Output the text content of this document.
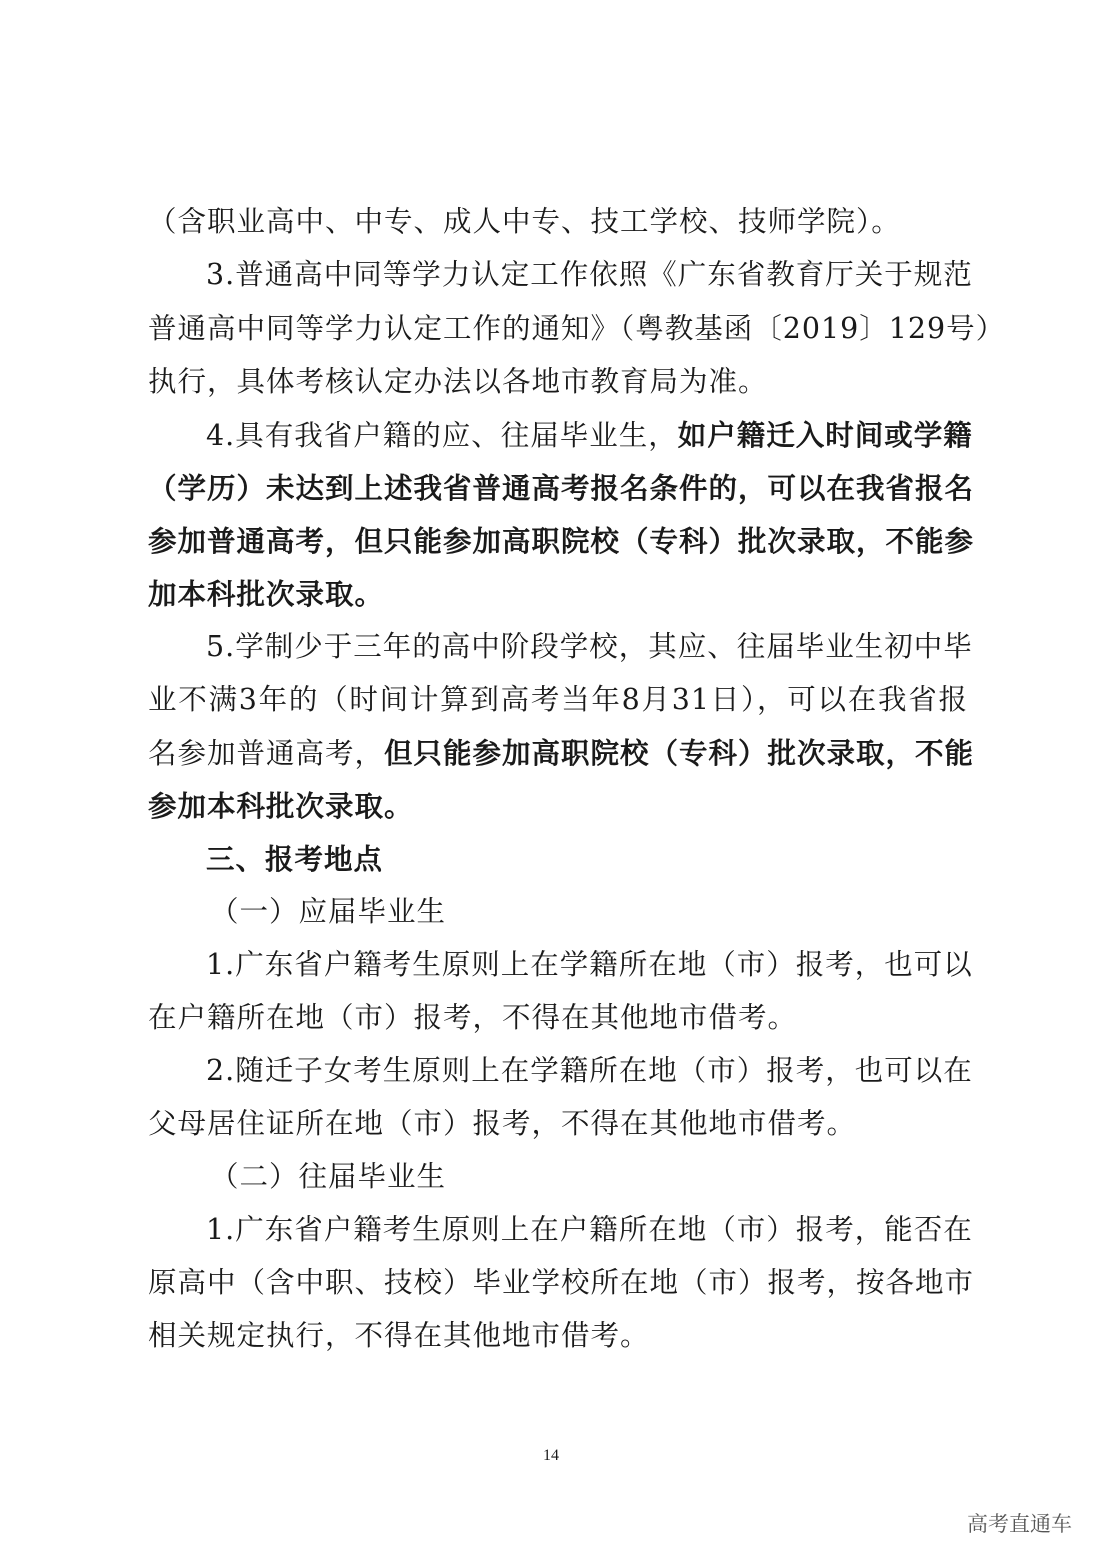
（含职业高中、中专、成人中专、技工学校、技师学院）。
3.普通高中同等学力认定工作依照《广东省教育厅关于规范
普通高中同等学力认定工作的通知》（粤教基函〔2019〕129号）
执行，具体考核认定办法以各地市教育局为准。
4.具有我省户籍的应、往届毕业生，如户籍迁入时间或学籍
（学历）未达到上述我省普通高考报名条件的，可以在我省报名
参加普通高考，但只能参加高职院校（专科）批次录取，不能参
加本科批次录取。
5.学制少于三年的高中阶段学校，其应、往届毕业生初中毕
业不满3年的（时间计算到高考当年8月31日），可以在我省报
名参加普通高考，但只能参加高职院校（专科）批次录取，不能
参加本科批次录取。
三、报考地点
（一）应届毕业生
1.广东省户籍考生原则上在学籍所在地（市）报考，也可以
在户籍所在地（市）报考，不得在其他地市借考。
2.随迁子女考生原则上在学籍所在地（市）报考，也可以在
父母居住证所在地（市）报考，不得在其他地市借考。
（二）往届毕业生
1.广东省户籍考生原则上在户籍所在地（市）报考，能否在
原高中（含中职、技校）毕业学校所在地（市）报考，按各地市
相关规定执行，不得在其他地市借考。
14
高考直通车
